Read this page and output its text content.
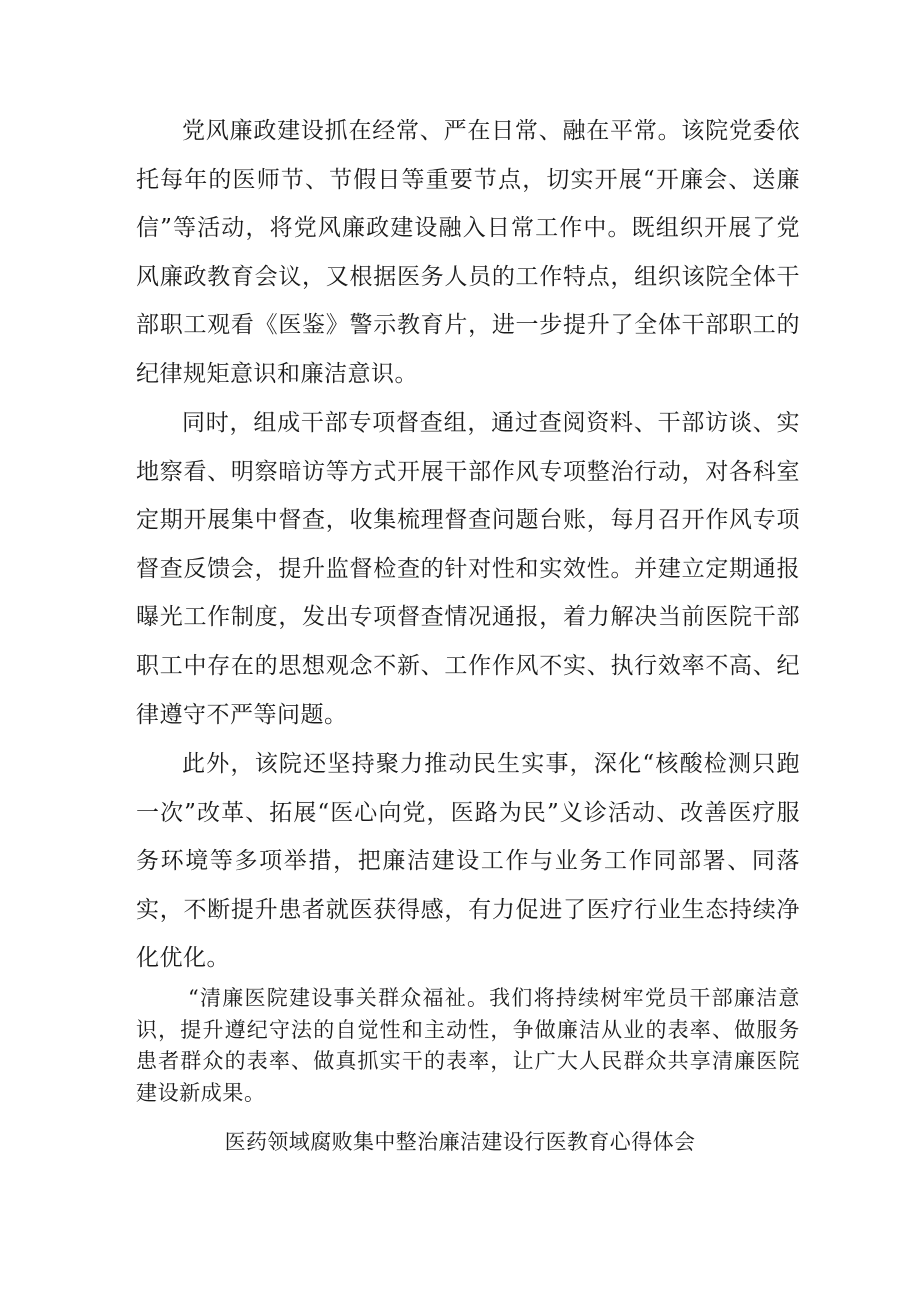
党风廉政建设抓在经常、严在日常、融在平常。该院党委依托每年的医师节、节假日等重要节点，切实开展“开廉会、送廉信”等活动，将党风廉政建设融入日常工作中。既组织开展了党风廉政教育会议，又根据医务人员的工作特点，组织该院全体干部职工观看《医鉴》警示教育片，进一步提升了全体干部职工的纪律规矩意识和廉洁意识。

同时，组成干部专项督查组，通过查阅资料、干部访谈、实地察看、明察暗访等方式开展干部作风专项整治行动，对各科室定期开展集中督查，收集梳理督查问题台账，每月召开作风专项督查反馈会，提升监督检查的针对性和实效性。并建立定期通报曝光工作制度，发出专项督查情况通报，着力解决当前医院干部职工中存在的思想观念不新、工作作风不实、执行效率不高、纪律遵守不严等问题。

此外，该院还坚持聚力推动民生实事，深化“核酸检测只跑一次”改革、拓展“医心向党，医路为民”义诊活动、改善医疗服务环境等多项举措，把廉洁建设工作与业务工作同部署、同落实，不断提升患者就医获得感，有力促进了医疗行业生态持续净化优化。

“清廉医院建设事关群众福祉。我们将持续树牢党员干部廉洁意识，提升遵纪守法的自觉性和主动性，争做廉洁从业的表率、做服务患者群众的表率、做真抓实干的表率，让广大人民群众共享清廉医院建设新成果。

医药领域腐败集中整治廉洁建设行医教育心得体会
